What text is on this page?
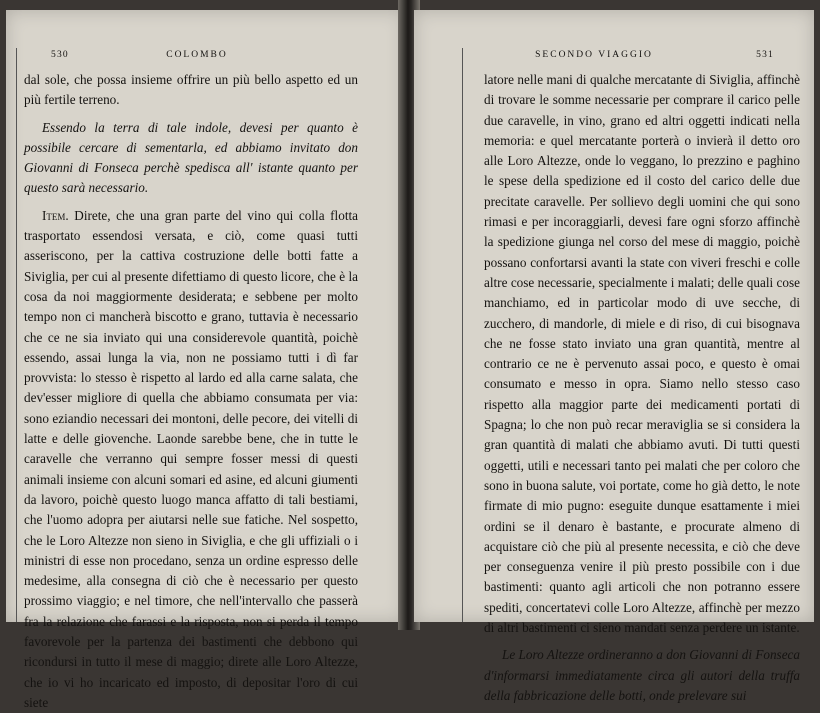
530	COLOMBO

dal sole, che possa insieme offrire un più bello aspetto ed un più fertile terreno.

Essendo la terra di tale indole, devesi per quanto è possibile cercare di sementarla, ed abbiamo invitato don Giovanni di Fonseca perchè spedisca all' istante quanto per questo sarà necessario.

Item. Direte, che una gran parte del vino qui colla flotta trasportato essendosi versata, e ciò, come quasi tutti asseriscono, per la cattiva costruzione delle botti fatte a Siviglia, per cui al presente difettiamo di questo licore, che è la cosa da noi maggiormente desiderata; e sebbene per molto tempo non ci mancherà biscotto e grano, tuttavia è necessario che ce ne sia inviato qui una considerevole quantità, poichè essendo, assai lunga la via, non ne possiamo tutti i dì far provvista: lo stesso è rispetto al lardo ed alla carne salata, che dev'esser migliore di quella che abbiamo consumata per via: sono eziandio necessari dei montoni, delle pecore, dei vitelli di latte e delle giovenche. Laonde sarebbe bene, che in tutte le caravelle che verranno qui sempre fosser messi di questi animali insieme con alcuni somari ed asine, ed alcuni giumenti da lavoro, poichè questo luogo manca affatto di tali bestiami, che l'uomo adopra per aiutarsi nelle sue fatiche. Nel sospetto, che le Loro Altezze non sieno in Siviglia, e che gli uffiziali o i ministri di esse non procedano, senza un ordine espresso delle medesime, alla consegna di ciò che è necessario per questo prossimo viaggio; e nel timore, che nell'intervallo che passerà fra la relazione che farassi e la risposta, non si perda il tempo favorevole per la partenza dei bastimenti che debbono qui ricondursi in tutto il mese di maggio; direte alle Loro Altezze, che io vi ho incaricato ed imposto, di depositar l'oro di cui siete

SECONDO VIAGGIO	531

latore nelle mani di qualche mercatante di Siviglia, affinchè di trovare le somme necessarie per comprare il carico pelle due caravelle, in vino, grano ed altri oggetti indicati nella memoria: e quel mercatante porterà o invierà il detto oro alle Loro Altezze, onde lo veggano, lo prezzino e paghino le spese della spedizione ed il costo del carico delle due precitate caravelle. Per sollievo degli uomini che qui sono rimasi e per incoraggiarli, devesi fare ogni sforzo affinchè la spedizione giunga nel corso del mese di maggio, poichè possano confortarsi avanti la state con viveri freschi e colle altre cose necessarie, specialmente i malati; delle quali cose manchiamo, ed in particolar modo di uve secche, di zucchero, di mandorle, di miele e di riso, di cui bisognava che ne fosse stato inviato una gran quantità, mentre al contrario ce ne è pervenuto assai poco, e questo è omai consumato e messo in opra. Siamo nello stesso caso rispetto alla maggior parte dei medicamenti portati di Spagna; lo che non può recar meraviglia se si considera la gran quantità di malati che abbiamo avuti. Di tutti questi oggetti, utili e necessari tanto pei malati che per coloro che sono in buona salute, voi portate, come ho già detto, le note firmate di mio pugno: eseguite dunque esattamente i miei ordini se il denaro è bastante, e procurate almeno di acquistare ciò che più al presente necessita, e ciò che deve per conseguenza venire il più presto possibile con i due bastimenti: quanto agli articoli che non potranno essere spediti, concertatevi colle Loro Altezze, affinchè per mezzo di altri bastimenti ci sieno mandati senza perdere un istante.

Le Loro Altezze ordineranno a don Giovanni di Fonseca d'informarsi immediatamente circa gli autori della truffa della fabbricazione delle botti, onde prelevare sui
